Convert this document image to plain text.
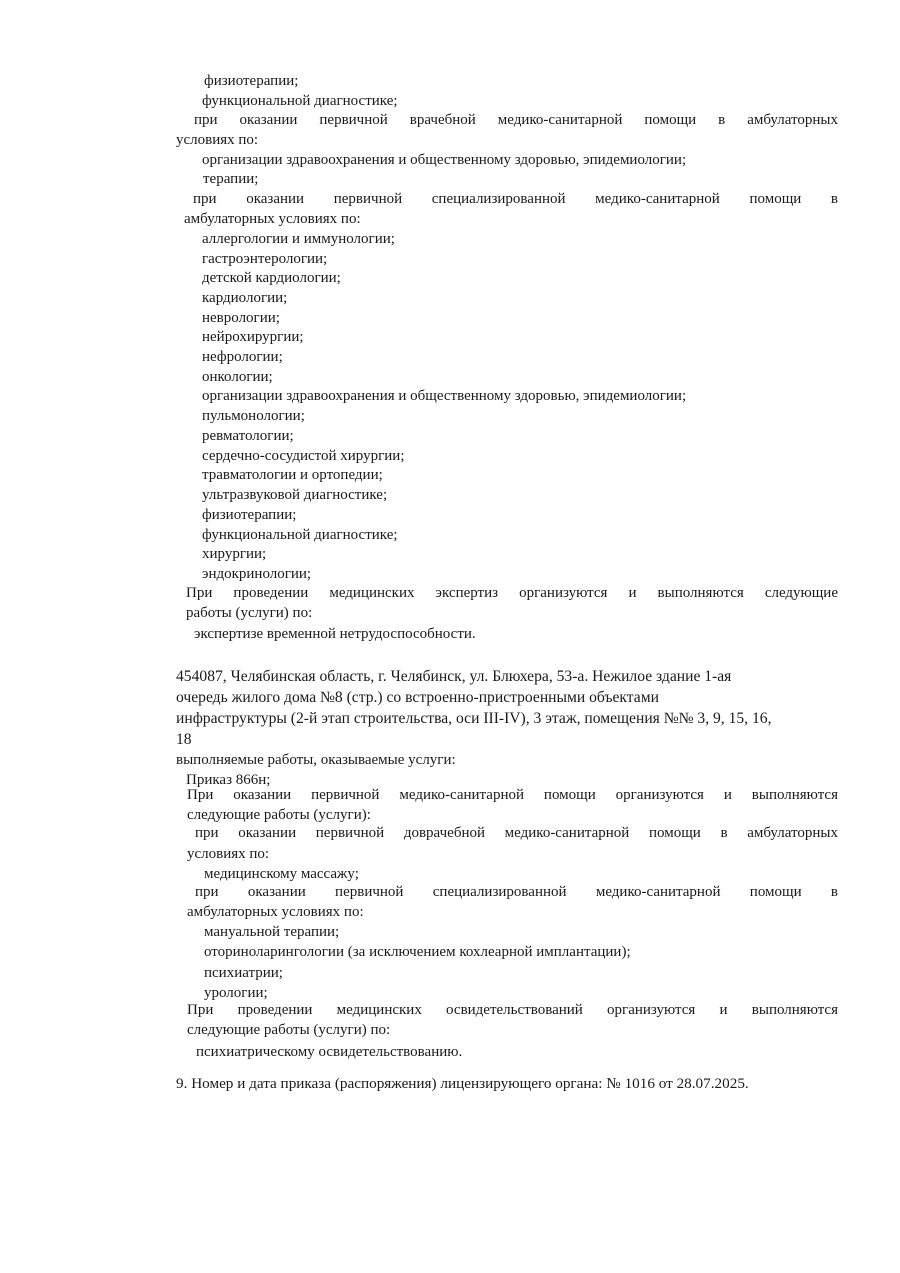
физиотерапии;
функциональной диагностике;
при оказании первичной врачебной медико-санитарной помощи в амбулаторных
условиях по:
организации здравоохранения и общественному здоровью, эпидемиологии;
терапии;
при оказании первичной специализированной медико-санитарной помощи в
амбулаторных условиях по:
аллергологии и иммунологии;
гастроэнтерологии;
детской кардиологии;
кардиологии;
неврологии;
нейрохирургии;
нефрологии;
онкологии;
организации здравоохранения и общественному здоровью, эпидемиологии;
пульмонологии;
ревматологии;
сердечно-сосудистой хирургии;
травматологии и ортопедии;
ультразвуковой диагностике;
физиотерапии;
функциональной диагностике;
хирургии;
эндокринологии;
При проведении медицинских экспертиз организуются и выполняются следующие
работы (услуги) по:
экспертизе временной нетрудоспособности.
454087, Челябинская область, г. Челябинск, ул. Блюхера, 53-а. Нежилое здание 1-ая
очередь жилого дома №8 (стр.) со встроенно-пристроенными объектами
инфраструктуры (2-й этап строительства, оси III-IV), 3 этаж, помещения №№ 3, 9, 15, 16,
18
выполняемые работы, оказываемые услуги:
Приказ 866н;
При оказании первичной медико-санитарной помощи организуются и выполняются
следующие работы (услуги):
при оказании первичной доврачебной медико-санитарной помощи в амбулаторных
условиях по:
медицинскому массажу;
при оказании первичной специализированной медико-санитарной помощи в
амбулаторных условиях по:
мануальной терапии;
оториноларингологии (за исключением кохлеарной имплантации);
психиатрии;
урологии;
При проведении медицинских освидетельствований организуются и выполняются
следующие работы (услуги) по:
психиатрическому освидетельствованию.
9. Номер и дата приказа (распоряжения) лицензирующего органа: № 1016 от 28.07.2025.
